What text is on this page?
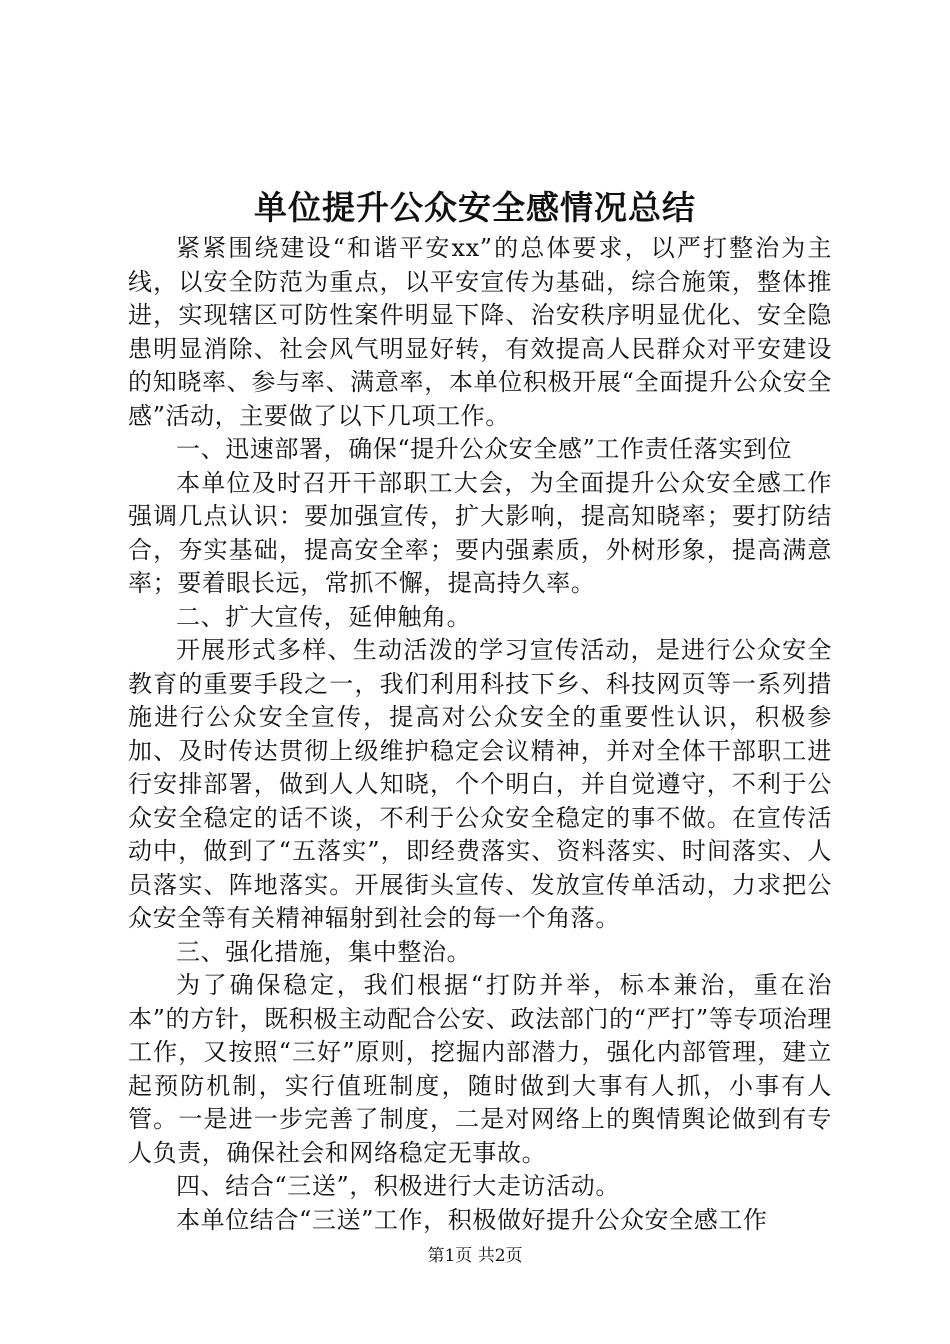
单位提升公众安全感情况总结

紧紧围绕建设“和谐平安xx”的总体要求，以严打整治为主线，以安全防范为重点，以平安宣传为基础，综合施策，整体推进，实现辖区可防性案件明显下降、治安秩序明显优化、安全隐患明显消除、社会风气明显好转，有效提高人民群众对平安建设的知晓率、参与率、满意率，本单位积极开展“全面提升公众安全感”活动，主要做了以下几项工作。

一、迅速部署，确保“提升公众安全感”工作责任落实到位

本单位及时召开干部职工大会，为全面提升公众安全感工作强调几点认识：要加强宣传，扩大影响，提高知晓率；要打防结合，夯实基础，提高安全率；要内强素质，外树形象，提高满意率；要着眼长远，常抓不懈，提高持久率。

二、扩大宣传，延伸触角。

开展形式多样、生动活泼的学习宣传活动，是进行公众安全教育的重要手段之一，我们利用科技下乡、科技网页等一系列措施进行公众安全宣传，提高对公众安全的重要性认识，积极参加、及时传达贯彻上级维护稳定会议精神，并对全体干部职工进行安排部署，做到人人知晓，个个明白，并自觉遵守，不利于公众安全稳定的话不谈，不利于公众安全稳定的事不做。在宣传活动中，做到了“五落实”，即经费落实、资料落实、时间落实、人员落实、阵地落实。开展街头宣传、发放宣传单活动，力求把公众安全等有关精神辐射到社会的每一个角落。

三、强化措施，集中整治。

为了确保稳定，我们根据“打防并举，标本兼治，重在治本”的方针，既积极主动配合公安、政法部门的“严打”等专项治理工作，又按照“三好”原则，挖掘内部潜力，强化内部管理，建立起预防机制，实行值班制度，随时做到大事有人抓，小事有人管。一是进一步完善了制度，二是对网络上的舆情舆论做到有专人负责，确保社会和网络稳定无事故。

四、结合“三送”，积极进行大走访活动。

本单位结合“三送”工作，积极做好提升公众安全感工作

第1页 共2页
